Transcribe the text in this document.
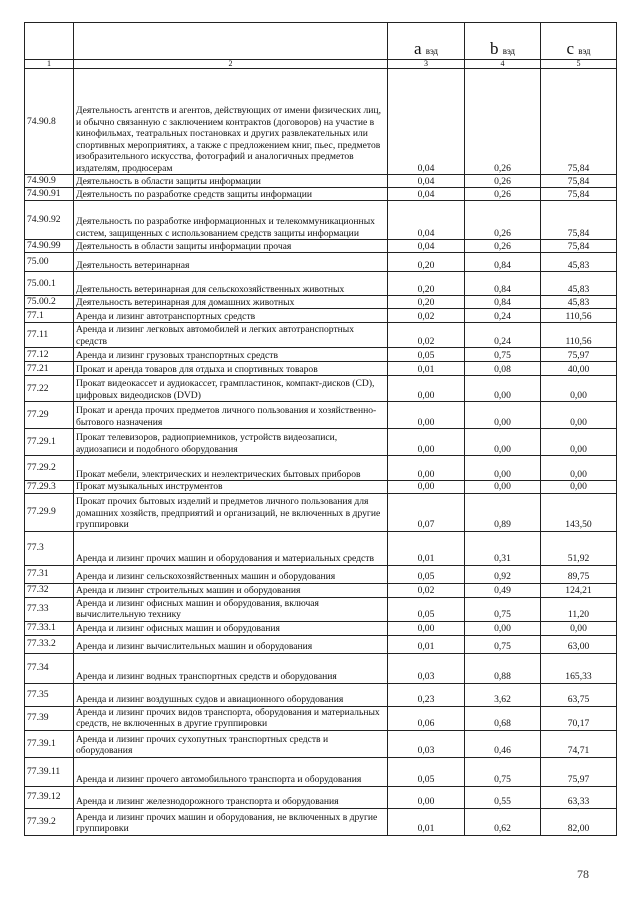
		a вэд	b вэд	c вэд
1	2	3	4	5
74.90.8	Деятельность агентств и агентов, действующих от имени физических лиц, и обычно связанную с заключением контрактов (договоров) на участие в кинофильмах, театральных постановках и других развлекательных или спортивных мероприятиях, а также с предложением книг, пьес, предметов изобразительного искусства, фотографий и аналогичных предметов издателям, продюсерам	0,04	0,26	75,84
74.90.9	Деятельность в области защиты информации	0,04	0,26	75,84
74.90.91	Деятельность по разработке средств защиты информации	0,04	0,26	75,84
74.90.92	Деятельность по разработке информационных и телекоммуникационных систем, защищенных с использованием средств защиты информации	0,04	0,26	75,84
74.90.99	Деятельность в области защиты информации прочая	0,04	0,26	75,84
75.00	Деятельность ветеринарная	0,20	0,84	45,83
75.00.1	Деятельность ветеринарная для сельскохозяйственных животных	0,20	0,84	45,83
75.00.2	Деятельность ветеринарная для домашних животных	0,20	0,84	45,83
77.1	Аренда и лизинг автотранспортных средств	0,02	0,24	110,56
77.11	Аренда и лизинг легковых автомобилей и легких автотранспортных средств	0,02	0,24	110,56
77.12	Аренда и лизинг грузовых транспортных средств	0,05	0,75	75,97
77.21	Прокат и аренда товаров для отдыха и спортивных товаров	0,01	0,08	40,00
77.22	Прокат видеокассет и аудиокассет, грампластинок, компакт-дисков (CD), цифровых видеодисков (DVD)	0,00	0,00	0,00
77.29	Прокат и аренда прочих предметов личного пользования и хозяйственно-бытового назначения	0,00	0,00	0,00
77.29.1	Прокат телевизоров, радиоприемников, устройств видеозаписи, аудиозаписи и подобного оборудования	0,00	0,00	0,00
77.29.2	Прокат мебели, электрических и неэлектрических бытовых приборов	0,00	0,00	0,00
77.29.3	Прокат музыкальных инструментов	0,00	0,00	0,00
77.29.9	Прокат прочих бытовых изделий и предметов личного пользования для домашних хозяйств, предприятий и организаций, не включенных в другие группировки	0,07	0,89	143,50
77.3	Аренда и лизинг прочих машин и оборудования и материальных средств	0,01	0,31	51,92
77.31	Аренда и лизинг сельскохозяйственных машин и оборудования	0,05	0,92	89,75
77.32	Аренда и лизинг строительных машин и оборудования	0,02	0,49	124,21
77.33	Аренда и лизинг офисных машин и оборудования, включая вычислительную технику	0,05	0,75	11,20
77.33.1	Аренда и лизинг офисных машин и оборудования	0,00	0,00	0,00
77.33.2	Аренда и лизинг вычислительных машин и оборудования	0,01	0,75	63,00
77.34	Аренда и лизинг водных транспортных средств и оборудования	0,03	0,88	165,33
77.35	Аренда и лизинг воздушных судов и авиационного оборудования	0,23	3,62	63,75
77.39	Аренда и лизинг прочих видов транспорта, оборудования и материальных средств, не включенных в другие группировки	0,06	0,68	70,17
77.39.1	Аренда и лизинг прочих сухопутных транспортных средств и оборудования	0,03	0,46	74,71
77.39.11	Аренда и лизинг прочего автомобильного транспорта и оборудования	0,05	0,75	75,97
77.39.12	Аренда и лизинг железнодорожного транспорта и оборудования	0,00	0,55	63,33
77.39.2	Аренда и лизинг прочих машин и оборудования, не включенных в другие группировки	0,01	0,62	82,00
78
